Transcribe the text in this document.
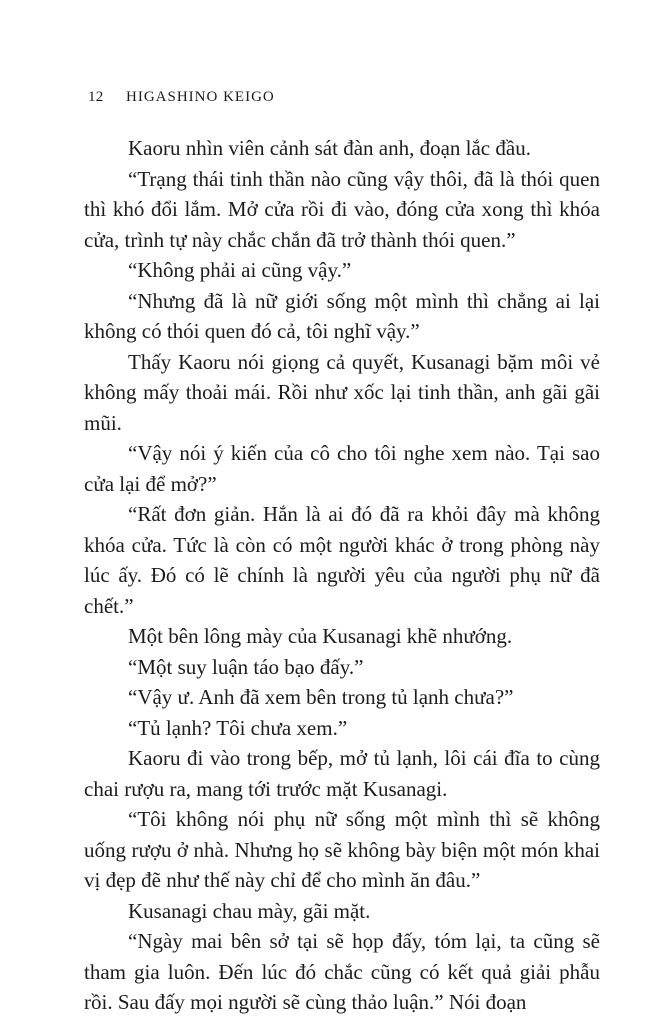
12 HIGASHINO KEIGO

Kaoru nhìn viên cảnh sát đàn anh, đoạn lắc đầu.

“Trạng thái tinh thần nào cũng vậy thôi, đã là thói quen thì khó đổi lắm. Mở cửa rồi đi vào, đóng cửa xong thì khóa cửa, trình tự này chắc chắn đã trở thành thói quen.”

“Không phải ai cũng vậy.”

“Nhưng đã là nữ giới sống một mình thì chẳng ai lại không có thói quen đó cả, tôi nghĩ vậy.”

Thấy Kaoru nói giọng cả quyết, Kusanagi bặm môi vẻ không mấy thoải mái. Rồi như xốc lại tinh thần, anh gãi gãi mũi.

“Vậy nói ý kiến của cô cho tôi nghe xem nào. Tại sao cửa lại để mở?”

“Rất đơn giản. Hắn là ai đó đã ra khỏi đây mà không khóa cửa. Tức là còn có một người khác ở trong phòng này lúc ấy. Đó có lẽ chính là người yêu của người phụ nữ đã chết.”

Một bên lông mày của Kusanagi khẽ nhướng.

“Một suy luận táo bạo đấy.”

“Vậy ư. Anh đã xem bên trong tủ lạnh chưa?”

“Tủ lạnh? Tôi chưa xem.”

Kaoru đi vào trong bếp, mở tủ lạnh, lôi cái đĩa to cùng chai rượu ra, mang tới trước mặt Kusanagi.

“Tôi không nói phụ nữ sống một mình thì sẽ không uống rượu ở nhà. Nhưng họ sẽ không bày biện một món khai vị đẹp đẽ như thế này chỉ để cho mình ăn đâu.”

Kusanagi chau mày, gãi mặt.

“Ngày mai bên sở tại sẽ họp đấy, tóm lại, ta cũng sẽ tham gia luôn. Đến lúc đó chắc cũng có kết quả giải phẫu rồi. Sau đấy mọi người sẽ cùng thảo luận.” Nói đoạn
